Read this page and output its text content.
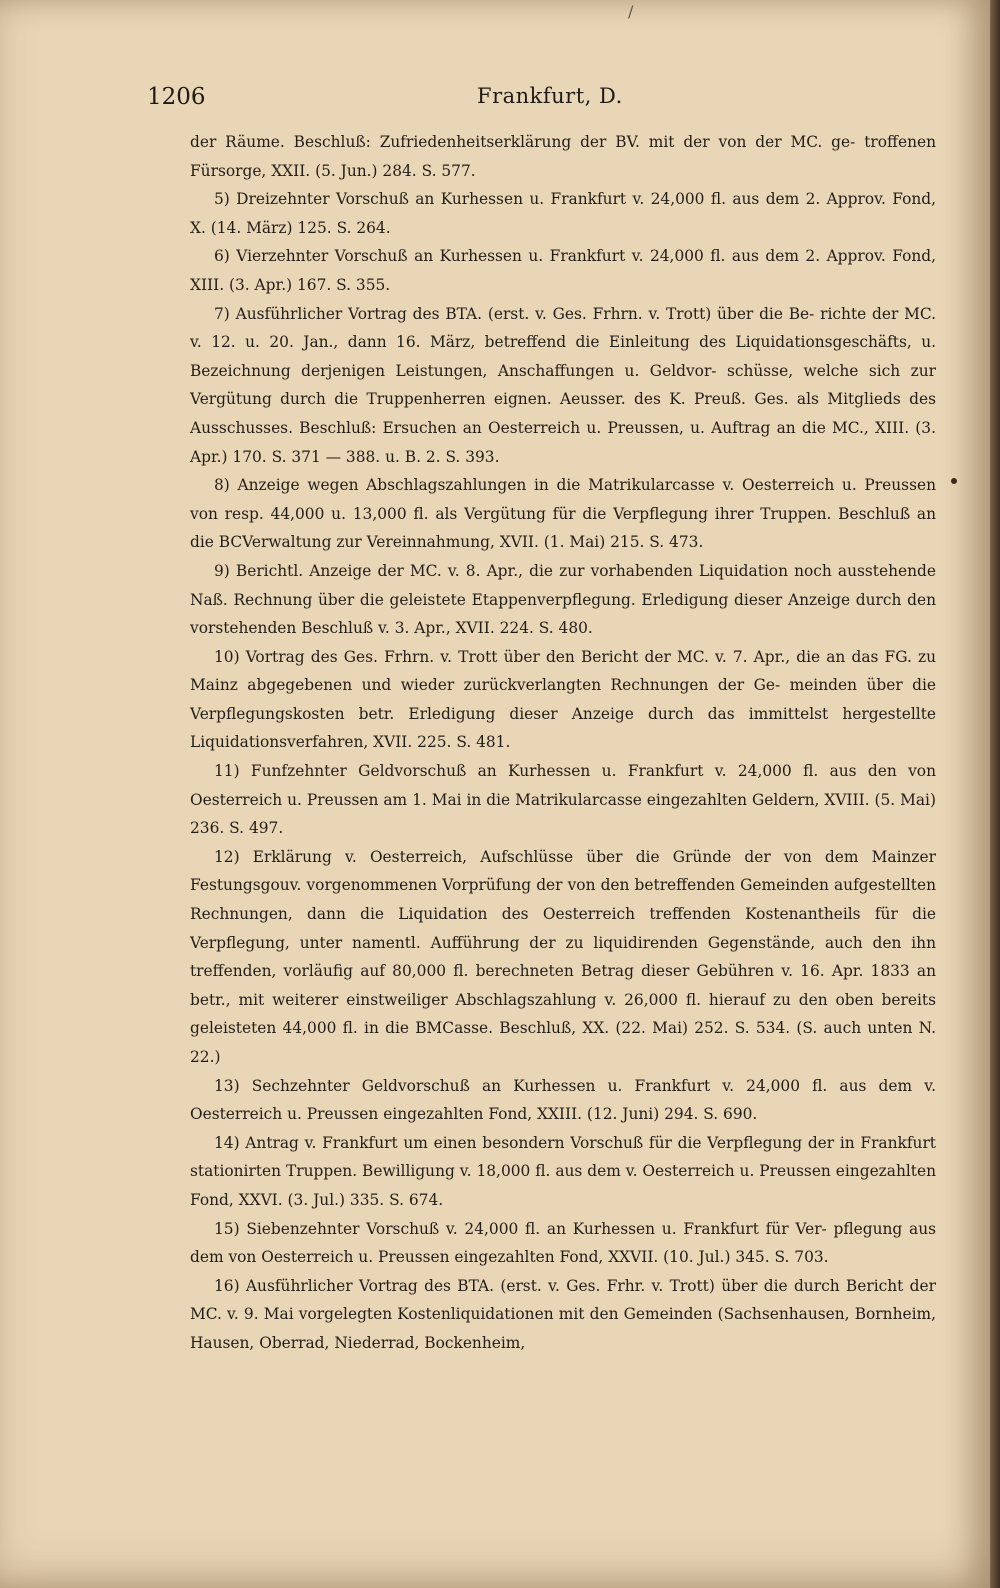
/
1206	Frankfurt, D.

der Räume. Beschluß: Zufriedenheitserklärung der BV. mit der von der MC. ge- troffenen Fürsorge, XXII. (5. Jun.) 284. S. 577.

5) Dreizehnter Vorschuß an Kurhessen u. Frankfurt v. 24,000 fl. aus dem 2. Approv. Fond, X. (14. März) 125. S. 264.

6) Vierzehnter Vorschuß an Kurhessen u. Frankfurt v. 24,000 fl. aus dem 2. Approv. Fond, XIII. (3. Apr.) 167. S. 355.

7) Ausführlicher Vortrag des BTA. (erst. v. Ges. Frhrn. v. Trott) über die Be- richte der MC. v. 12. u. 20. Jan., dann 16. März, betreffend die Einleitung des Liquidationsgeschäfts, u. Bezeichnung derjenigen Leistungen, Anschaffungen u. Geldvor- schüsse, welche sich zur Vergütung durch die Truppenherren eignen. Aeusser. des K. Preuß. Ges. als Mitglieds des Ausschusses. Beschluß: Ersuchen an Oesterreich u. Preussen, u. Auftrag an die MC., XIII. (3. Apr.) 170. S. 371 — 388. u. B. 2. S. 393.

8) Anzeige wegen Abschlagszahlungen in die Matrikularcasse v. Oesterreich u. Preussen von resp. 44,000 u. 13,000 fl. als Vergütung für die Verpflegung ihrer Truppen. Beschluß an die BCVerwaltung zur Vereinnahmung, XVII. (1. Mai) 215. S. 473.

9) Berichtl. Anzeige der MC. v. 8. Apr., die zur vorhabenden Liquidation noch ausstehende Naß. Rechnung über die geleistete Etappenverpflegung. Erledigung dieser Anzeige durch den vorstehenden Beschluß v. 3. Apr., XVII. 224. S. 480.

10) Vortrag des Ges. Frhrn. v. Trott über den Bericht der MC. v. 7. Apr., die an das FG. zu Mainz abgegebenen und wieder zurückverlangten Rechnungen der Ge- meinden über die Verpflegungskosten betr. Erledigung dieser Anzeige durch das immittelst hergestellte Liquidationsverfahren, XVII. 225. S. 481.

11) Funfzehnter Geldvorschuß an Kurhessen u. Frankfurt v. 24,000 fl. aus den von Oesterreich u. Preussen am 1. Mai in die Matrikularcasse eingezahlten Geldern, XVIII. (5. Mai) 236. S. 497.

12) Erklärung v. Oesterreich, Aufschlüsse über die Gründe der von dem Mainzer Festungsgouv. vorgenommenen Vorprüfung der von den betreffenden Gemeinden aufgestellten Rechnungen, dann die Liquidation des Oesterreich treffenden Kostenantheils für die Verpflegung, unter namentl. Aufführung der zu liquidirenden Gegenstände, auch den ihn treffenden, vorläufig auf 80,000 fl. berechneten Betrag dieser Gebühren v. 16. Apr. 1833 an betr., mit weiterer einstweiliger Abschlagszahlung v. 26,000 fl. hierauf zu den oben bereits geleisteten 44,000 fl. in die BMCasse. Beschluß, XX. (22. Mai) 252. S. 534. (S. auch unten N. 22.)

13) Sechzehnter Geldvorschuß an Kurhessen u. Frankfurt v. 24,000 fl. aus dem v. Oesterreich u. Preussen eingezahlten Fond, XXIII. (12. Juni) 294. S. 690.

14) Antrag v. Frankfurt um einen besondern Vorschuß für die Verpflegung der in Frankfurt stationirten Truppen. Bewilligung v. 18,000 fl. aus dem v. Oesterreich u. Preussen eingezahlten Fond, XXVI. (3. Jul.) 335. S. 674.

15) Siebenzehnter Vorschuß v. 24,000 fl. an Kurhessen u. Frankfurt für Ver- pflegung aus dem von Oesterreich u. Preussen eingezahlten Fond, XXVII. (10. Jul.) 345. S. 703.

16) Ausführlicher Vortrag des BTA. (erst. v. Ges. Frhr. v. Trott) über die durch Bericht der MC. v. 9. Mai vorgelegten Kostenliquidationen mit den Gemeinden (Sachsenhausen, Bornheim, Hausen, Oberrad, Niederrad, Bockenheim,
